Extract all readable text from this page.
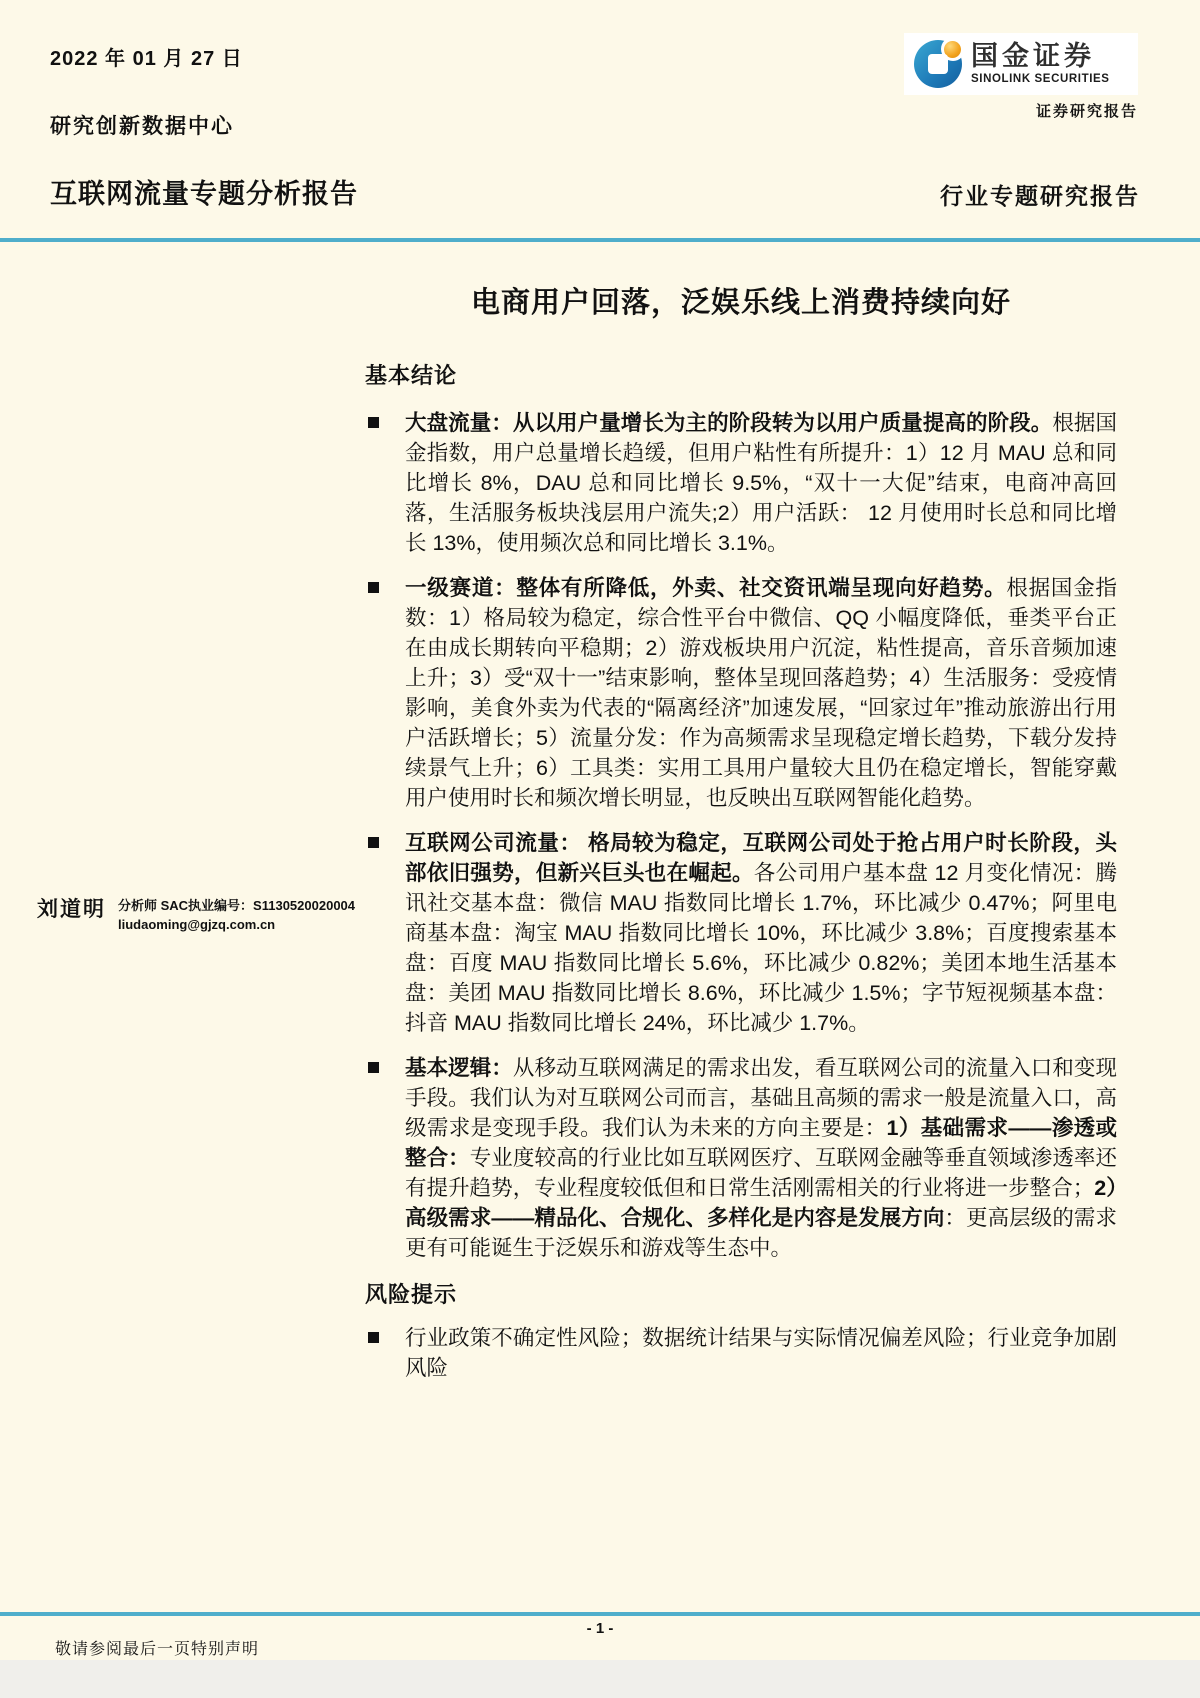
2022 年 01 月 27 日	国金证券
SINOLINK SECURITIES
证券研究报告
研究创新数据中心
互联网流量专题分析报告	行业专题研究报告
电商用户回落，泛娱乐线上消费持续向好
基本结论
大盘流量：从以用户量增长为主的阶段转为以用户质量提高的阶段。根据国金指数，用户总量增长趋缓，但用户粘性有所提升：1）12 月 MAU 总和同比增长 8%，DAU 总和同比增长 9.5%，“双十一大促”结束，电商冲高回落，生活服务板块浅层用户流失;2）用户活跃： 12 月使用时长总和同比增长 13%，使用频次总和同比增长 3.1%。
一级赛道：整体有所降低，外卖、社交资讯端呈现向好趋势。根据国金指数：1）格局较为稳定，综合性平台中微信、QQ 小幅度降低，垂类平台正在由成长期转向平稳期；2）游戏板块用户沉淀，粘性提高，音乐音频加速上升；3）受“双十一”结束影响，整体呈现回落趋势；4）生活服务：受疫情影响，美食外卖为代表的“隔离经济”加速发展，“回家过年”推动旅游出行用户活跃增长；5）流量分发：作为高频需求呈现稳定增长趋势，下载分发持续景气上升；6）工具类：实用工具用户量较大且仍在稳定增长，智能穿戴用户使用时长和频次增长明显，也反映出互联网智能化趋势。
互联网公司流量： 格局较为稳定，互联网公司处于抢占用户时长阶段，头部依旧强势，但新兴巨头也在崛起。各公司用户基本盘 12 月变化情况：腾讯社交基本盘：微信 MAU 指数同比增长 1.7%，环比减少 0.47%；阿里电商基本盘：淘宝 MAU 指数同比增长 10%，环比减少 3.8%；百度搜索基本盘：百度 MAU 指数同比增长 5.6%，环比减少 0.82%；美团本地生活基本盘：美团 MAU 指数同比增长 8.6%，环比减少 1.5%；字节短视频基本盘：抖音 MAU 指数同比增长 24%，环比减少 1.7%。
基本逻辑：从移动互联网满足的需求出发，看互联网公司的流量入口和变现手段。我们认为对互联网公司而言，基础且高频的需求一般是流量入口，高级需求是变现手段。我们认为未来的方向主要是：1）基础需求——渗透或整合：专业度较高的行业比如互联网医疗、互联网金融等垂直领域渗透率还有提升趋势，专业程度较低但和日常生活刚需相关的行业将进一步整合；2）高级需求——精品化、合规化、多样化是内容是发展方向：更高层级的需求更有可能诞生于泛娱乐和游戏等生态中。
风险提示
行业政策不确定性风险；数据统计结果与实际情况偏差风险；行业竞争加剧风险
刘道明 分析师 SAC执业编号：S1130520020004
liudaoming@gjzq.com.cn
- 1 -
敬请参阅最后一页特别声明
